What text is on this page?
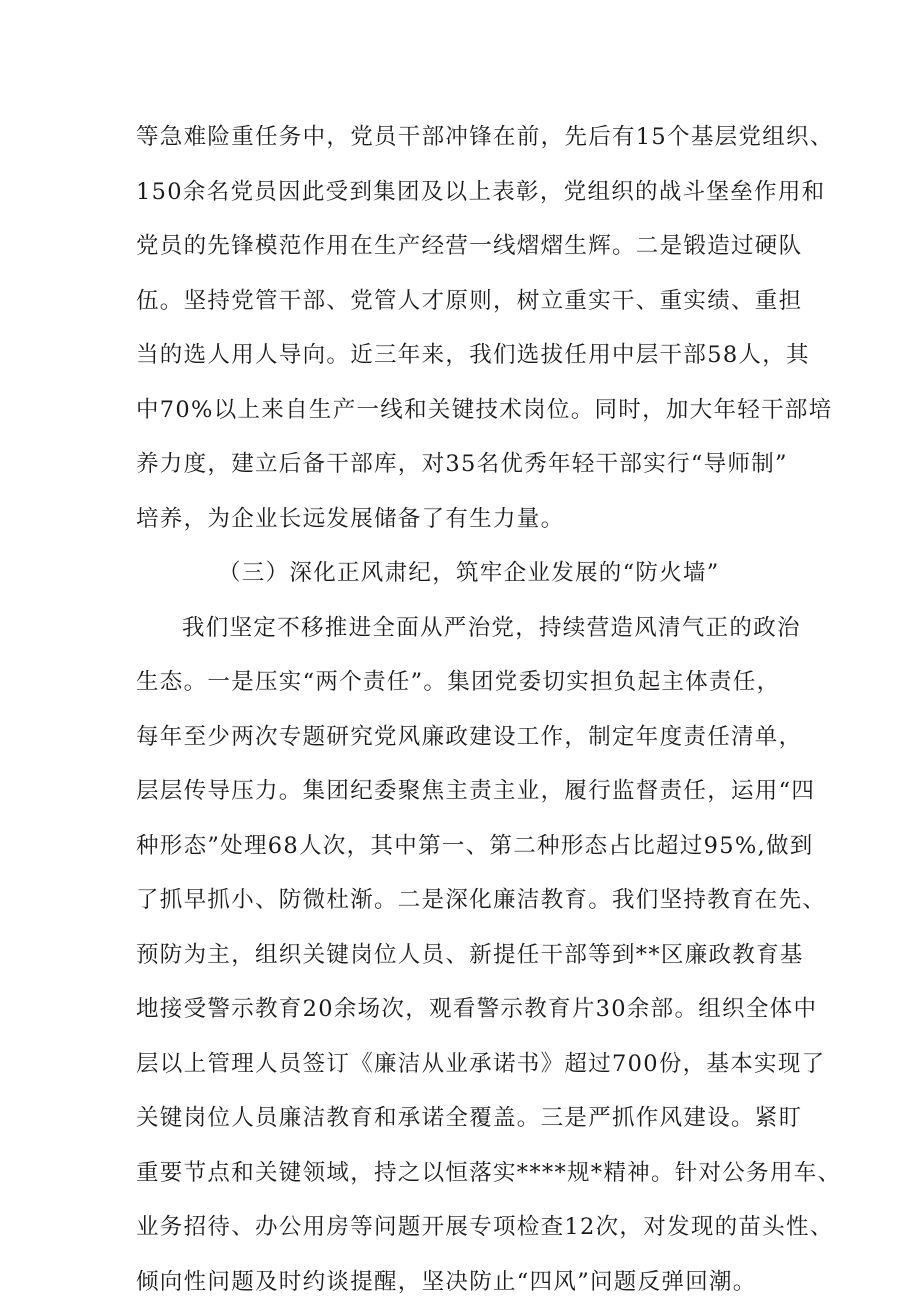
等急难险重任务中，党员干部冲锋在前，先后有15个基层党组织、
150余名党员因此受到集团及以上表彰，党组织的战斗堡垒作用和
党员的先锋模范作用在生产经营一线熠熠生辉。二是锻造过硬队
伍。坚持党管干部、党管人才原则，树立重实干、重实绩、重担
当的选人用人导向。近三年来，我们选拔任用中层干部58人，其
中70%以上来自生产一线和关键技术岗位。同时，加大年轻干部培
养力度，建立后备干部库，对35名优秀年轻干部实行“导师制”
培养，为企业长远发展储备了有生力量。
（三）深化正风肃纪，筑牢企业发展的“防火墙”
我们坚定不移推进全面从严治党，持续营造风清气正的政治
生态。一是压实“两个责任”。集团党委切实担负起主体责任，
每年至少两次专题研究党风廉政建设工作，制定年度责任清单，
层层传导压力。集团纪委聚焦主责主业，履行监督责任，运用“四
种形态”处理68人次，其中第一、第二种形态占比超过95%,做到
了抓早抓小、防微杜渐。二是深化廉洁教育。我们坚持教育在先、
预防为主，组织关键岗位人员、新提任干部等到**区廉政教育基
地接受警示教育20余场次，观看警示教育片30余部。组织全体中
层以上管理人员签订《廉洁从业承诺书》超过700份，基本实现了
关键岗位人员廉洁教育和承诺全覆盖。三是严抓作风建设。紧盯
重要节点和关键领域，持之以恒落实****规*精神。针对公务用车、
业务招待、办公用房等问题开展专项检查12次，对发现的苗头性、
倾向性问题及时约谈提醒，坚决防止“四风”问题反弹回潮。
